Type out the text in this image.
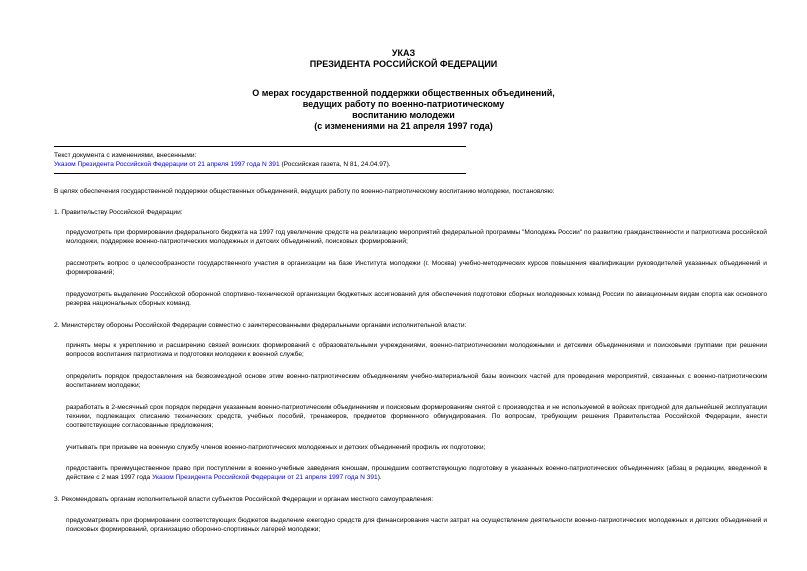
УКАЗ
ПРЕЗИДЕНТА РОССИЙСКОЙ ФЕДЕРАЦИИ
О мерах государственной поддержки общественных объединений,
ведущих работу по военно-патриотическому
воспитанию молодежи
(с изменениями на 21 апреля 1997 года)
Текст документа с изменениями, внесенными:
Указом Президента Российской Федерации от 21 апреля 1997 года N 391 (Российская газета, N 81, 24.04.97).
В целях обеспечения государственной поддержки общественных объединений, ведущих работу по военно-патриотическому воспитанию молодежи, постановляю:
1. Правительству Российской Федерации:
предусмотреть при формировании федерального бюджета на 1997 год увеличение средств на реализацию мероприятий федеральной программы "Молодежь России" по развитию гражданственности и патриотизма российской молодежи, поддержке военно-патриотических молодежных и детских объединений, поисковых формирований;
рассмотреть вопрос о целесообразности государственного участия в организации на базе Института молодежи (г. Москва) учебно-методических курсов повышения квалификации руководителей указанных объединений и формирований;
предусмотреть выделение Российской оборонной спортивно-технической организации бюджетных ассигнований для обеспечения подготовки сборных молодежных команд России по авиационным видам спорта как основного резерва национальных сборных команд.
2. Министерству обороны Российской Федерации совместно с заинтересованными федеральными органами исполнительной власти:
принять меры к укреплению и расширению связей воинских формирований с образовательными учреждениями, военно-патриотическими молодежными и детскими объединениями и поисковыми группами при решении вопросов воспитания патриотизма и подготовки молодежи к военной службе;
определить порядок предоставления на безвозмездной основе этим военно-патриотическим объединениям учебно-материальной базы воинских частей для проведения мероприятий, связанных с военно-патриотическим воспитанием молодежи;
разработать в 2-месячный срок порядок передачи указанным военно-патриотическим объединениям и поисковым формированиям снятой с производства и не используемой в войсках пригодной для дальнейшей эксплуатации техники, подлежащих списанию технических средств, учебных пособий, тренажеров, предметов форменного обмундирования. По вопросам, требующим решения Правительства Российской Федерации, внести соответствующие согласованные предложения;
учитывать при призыве на военную службу членов военно-патриотических молодежных и детских объединений профиль их подготовки;
предоставить преимущественное право при поступлении в военно-учебные заведения юношам, прошедшим соответствующую подготовку в указанных военно-патриотических объединениях (абзац в редакции, введенной в действие с 2 мая 1997 года Указом Президента Российской Федерации от 21 апреля 1997 года N 391).
3. Рекомендовать органам исполнительной власти субъектов Российской Федерации и органам местного самоуправления:
предусматривать при формировании соответствующих бюджетов выделение ежегодно средств для финансирования части затрат на осуществление деятельности военно-патриотических молодежных и детских объединений и поисковых формирований, организацию оборонно-спортивных лагерей молодежи;
